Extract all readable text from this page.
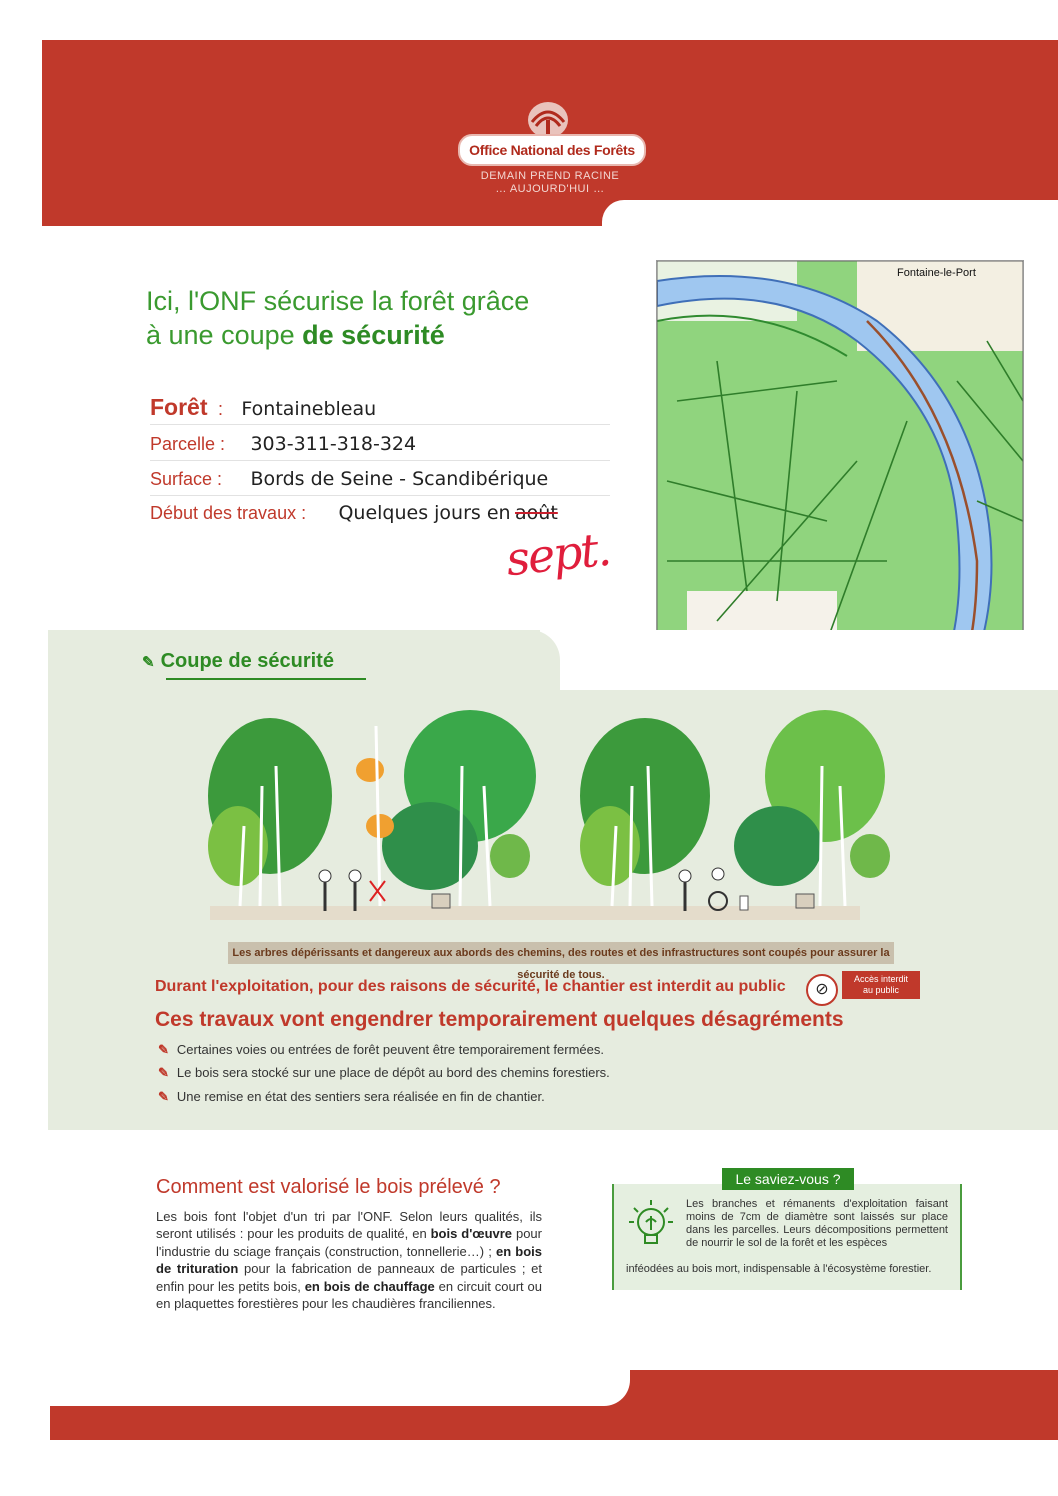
Office National des Forêts
DEMAIN PREND RACINE
… AUJOURD'HUI …
Ici, l'ONF sécurise la forêt grâce
à une coupe de sécurité
Forêt : Fontainebleau
Parcelle : 303-311-318-324
Surface : Bords de Seine - Scandibérique
Début des travaux : Quelques jours en août
sept.
Fontaine-le-Port
✎ Coupe de sécurité
Les arbres dépérissants et dangereux aux abords des chemins, des routes et des infrastructures sont coupés pour assurer la sécurité de tous.
Durant l'exploitation, pour des raisons de sécurité, le chantier est interdit au public	⊘
Accès interdit
au public
Ces travaux vont engendrer temporairement quelques désagréments
✎ Certaines voies ou entrées de forêt peuvent être temporairement fermées.
✎ Le bois sera stocké sur une place de dépôt au bord des chemins forestiers.
✎ Une remise en état des sentiers sera réalisée en fin de chantier.
Comment est valorisé le bois prélevé ?
Les bois font l'objet d'un tri par l'ONF. Selon leurs qualités, ils seront utilisés : pour les produits de qualité, en bois d'œuvre pour l'industrie du sciage français (construction, tonnellerie…) ; en bois de trituration pour la fabrication de panneaux de particules ; et enfin pour les petits bois, en bois de chauffage en circuit court ou en plaquettes forestières pour les chaudières franciliennes.
Le saviez-vous ?
Les branches et rémanents d'exploitation faisant moins de 7cm de diamètre sont laissés sur place dans les parcelles. Leurs décompositions permettent de nourrir le sol de la forêt et les espèces
inféodées au bois mort, indispensable à l'écosystème forestier.
